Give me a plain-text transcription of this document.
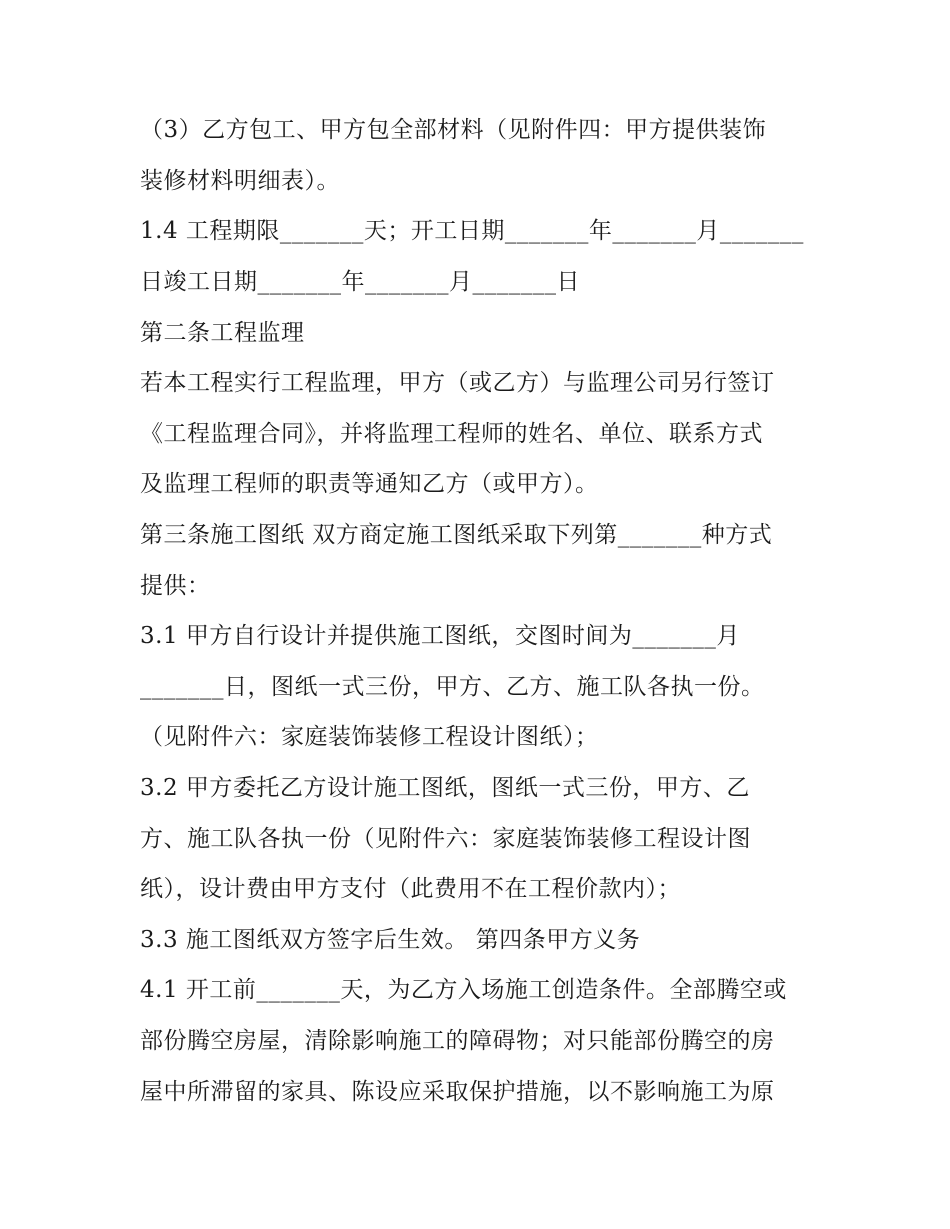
（3）乙方包工、甲方包全部材料（见附件四：甲方提供装饰

装修材料明细表）。

1.4 工程期限_______天；开工日期_______年_______月_______

日竣工日期_______年_______月_______日

第二条工程监理

若本工程实行工程监理，甲方（或乙方）与监理公司另行签订

《工程监理合同》，并将监理工程师的姓名、单位、联系方式

及监理工程师的职责等通知乙方（或甲方）。

第三条施工图纸 双方商定施工图纸采取下列第_______种方式

提供：

3.1 甲方自行设计并提供施工图纸，交图时间为_______月

_______日，图纸一式三份，甲方、乙方、施工队各执一份。

（见附件六：家庭装饰装修工程设计图纸）；

3.2 甲方委托乙方设计施工图纸，图纸一式三份，甲方、乙

方、施工队各执一份（见附件六：家庭装饰装修工程设计图

纸），设计费由甲方支付（此费用不在工程价款内）；

3.3 施工图纸双方签字后生效。 第四条甲方义务

4.1 开工前_______天，为乙方入场施工创造条件。全部腾空或

部份腾空房屋，清除影响施工的障碍物；对只能部份腾空的房

屋中所滞留的家具、陈设应采取保护措施，以不影响施工为原
